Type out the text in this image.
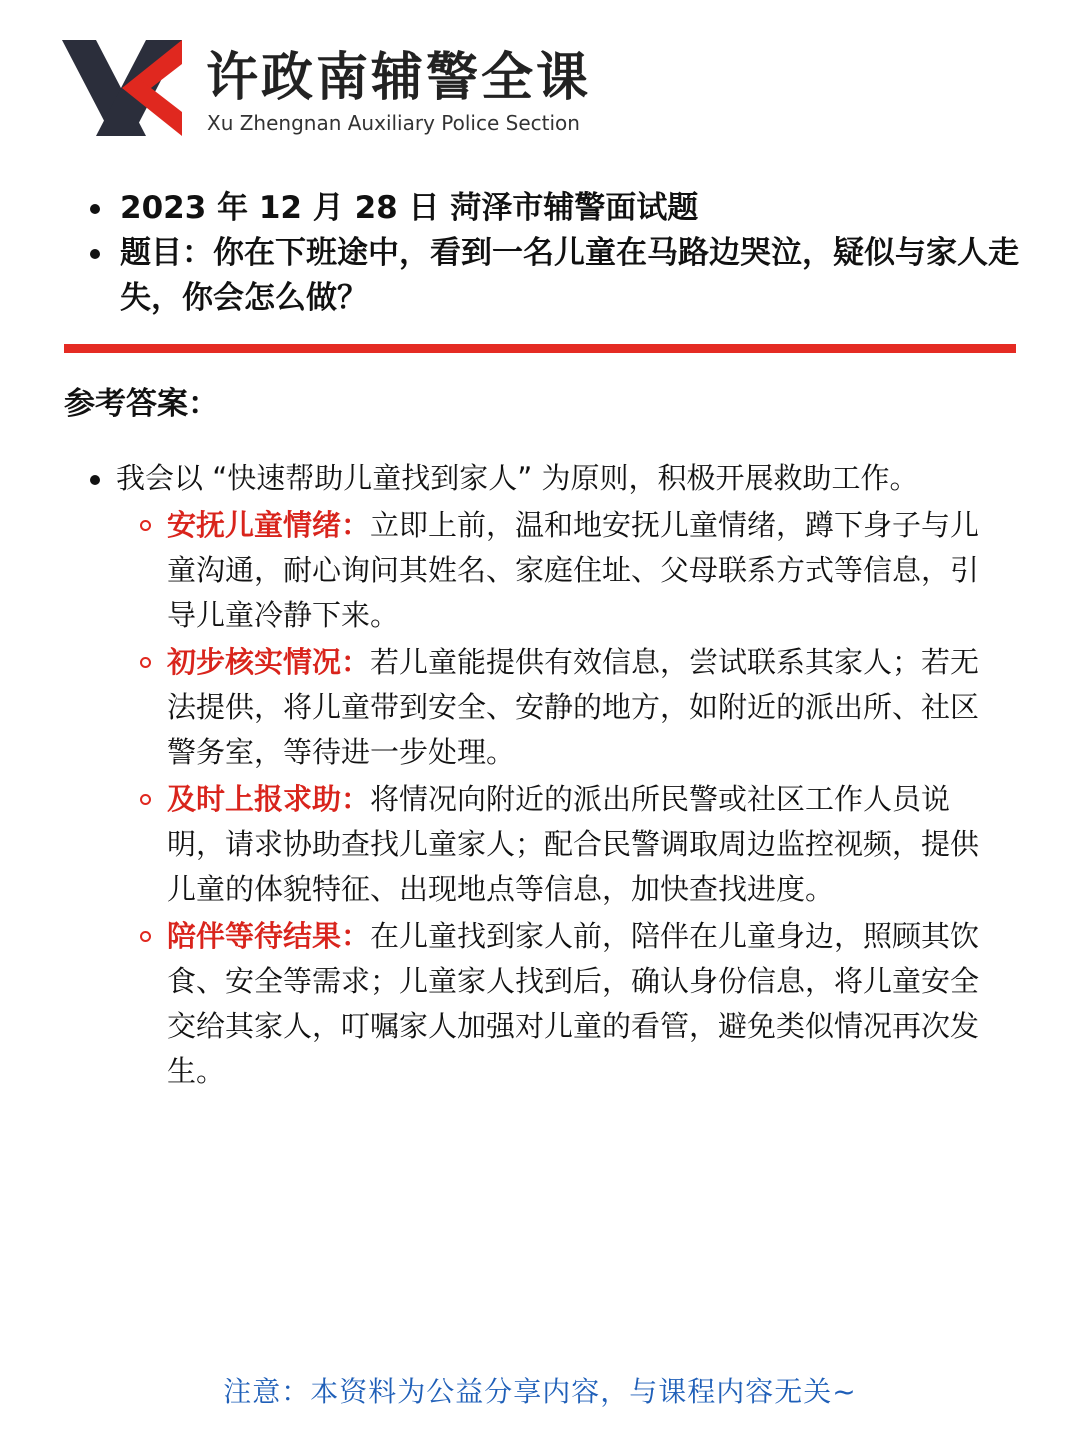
许政南辅警全课
Xu Zhengnan Auxiliary Police Section
2023 年 12 月 28 日 菏泽市辅警面试题
题目：你在下班途中，看到一名儿童在马路边哭泣，疑似与家人走失，你会怎么做？
参考答案：
我会以 “快速帮助儿童找到家人” 为原则，积极开展救助工作。
安抚儿童情绪：立即上前，温和地安抚儿童情绪，蹲下身子与儿童沟通，耐心询问其姓名、家庭住址、父母联系方式等信息，引导儿童冷静下来。
初步核实情况：若儿童能提供有效信息，尝试联系其家人；若无法提供，将儿童带到安全、安静的地方，如附近的派出所、社区警务室，等待进一步处理。
及时上报求助：将情况向附近的派出所民警或社区工作人员说明，请求协助查找儿童家人；配合民警调取周边监控视频，提供儿童的体貌特征、出现地点等信息，加快查找进度。
陪伴等待结果：在儿童找到家人前，陪伴在儿童身边，照顾其饮食、安全等需求；儿童家人找到后，确认身份信息，将儿童安全交给其家人，叮嘱家人加强对儿童的看管，避免类似情况再次发生。
注意：本资料为公益分享内容，与课程内容无关~
